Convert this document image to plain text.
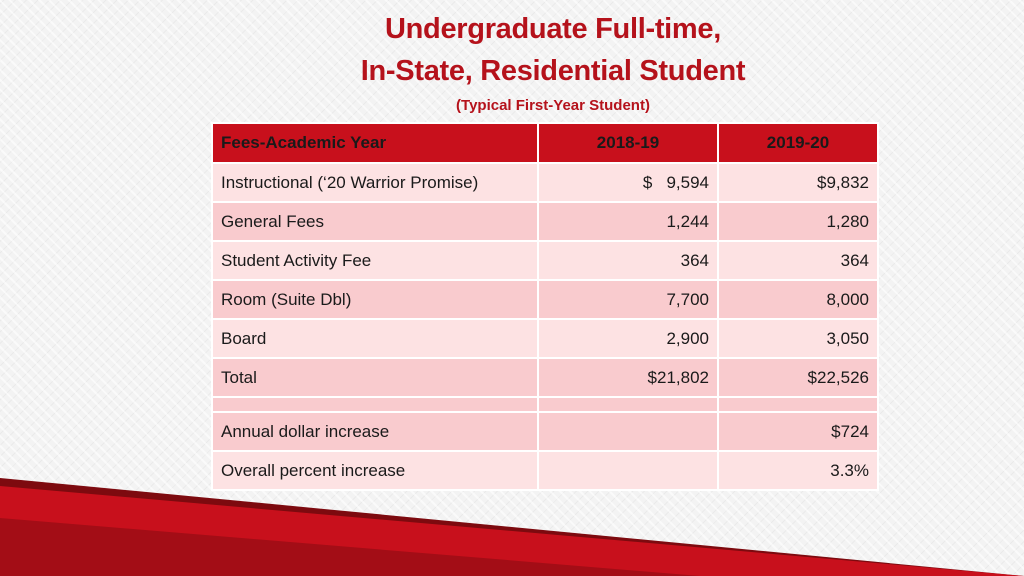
Undergraduate Full-time,
In-State, Residential Student
(Typical First-Year Student)
Fees-Academic Year	2018-19	2019-20
Instructional (‘20 Warrior Promise)	$   9,594	$9,832
General Fees	1,244	1,280
Student Activity Fee	364	364
Room (Suite Dbl)	7,700	8,000
Board	2,900	3,050
Total	$21,802	$22,526

Annual dollar increase		$724
Overall percent increase		3.3%
